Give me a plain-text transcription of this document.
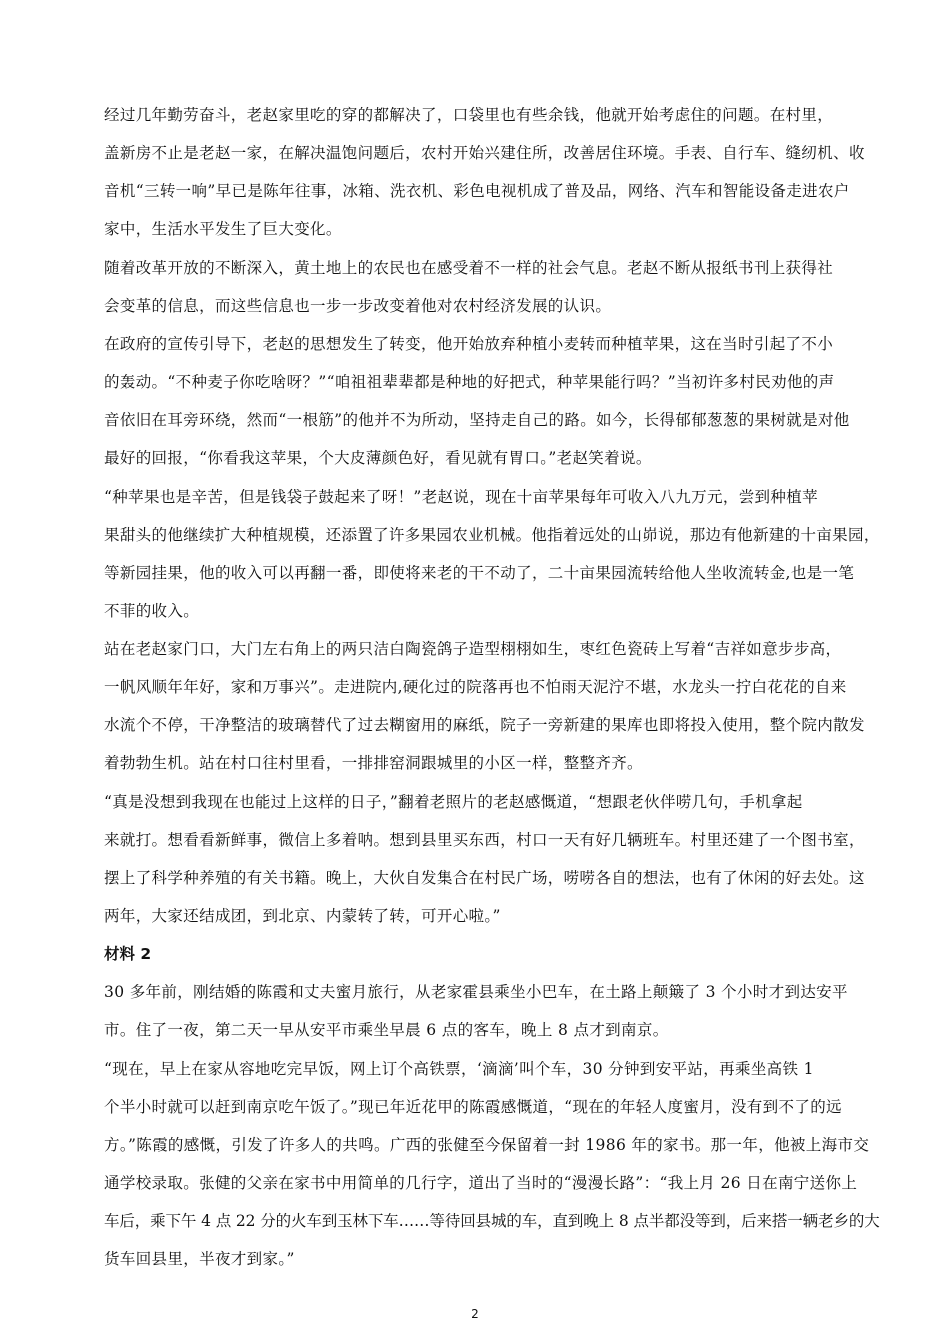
经过几年勤劳奋斗，老赵家里吃的穿的都解决了，口袋里也有些余钱，他就开始考虑住的问题。在村里，
盖新房不止是老赵一家，在解决温饱问题后，农村开始兴建住所，改善居住环境。手表、自行车、缝纫机、收
音机“三转一响”早已是陈年往事，冰箱、洗衣机、彩色电视机成了普及品，网络、汽车和智能设备走进农户
家中，生活水平发生了巨大变化。
随着改革开放的不断深入，黄土地上的农民也在感受着不一样的社会气息。老赵不断从报纸书刊上获得社
会变革的信息，而这些信息也一步一步改变着他对农村经济发展的认识。
在政府的宣传引导下，老赵的思想发生了转变，他开始放弃种植小麦转而种植苹果，这在当时引起了不小
的轰动。“不种麦子你吃啥呀？”“咱祖祖辈辈都是种地的好把式，种苹果能行吗？”当初许多村民劝他的声
音依旧在耳旁环绕，然而“一根筋”的他并不为所动，坚持走自己的路。如今，长得郁郁葱葱的果树就是对他
最好的回报，“你看我这苹果，个大皮薄颜色好，看见就有胃口。”老赵笑着说。
“种苹果也是辛苦，但是钱袋子鼓起来了呀！”老赵说，现在十亩苹果每年可收入八九万元，尝到种植苹
果甜头的他继续扩大种植规模，还添置了许多果园农业机械。他指着远处的山峁说，那边有他新建的十亩果园，
等新园挂果，他的收入可以再翻一番，即使将来老的干不动了，二十亩果园流转给他人坐收流转金,也是一笔
不菲的收入。
站在老赵家门口，大门左右角上的两只洁白陶瓷鸽子造型栩栩如生，枣红色瓷砖上写着“吉祥如意步步高，
一帆风顺年年好，家和万事兴”。走进院内,硬化过的院落再也不怕雨天泥泞不堪，水龙头一拧白花花的自来
水流个不停，干净整洁的玻璃替代了过去糊窗用的麻纸，院子一旁新建的果库也即将投入使用，整个院内散发
着勃勃生机。站在村口往村里看，一排排窑洞跟城里的小区一样，整整齐齐。
“真是没想到我现在也能过上这样的日子，”翻着老照片的老赵感慨道，“想跟老伙伴唠几句，手机拿起
来就打。想看看新鲜事，微信上多着呐。想到县里买东西，村口一天有好几辆班车。村里还建了一个图书室，
摆上了科学种养殖的有关书籍。晚上，大伙自发集合在村民广场，唠唠各自的想法，也有了休闲的好去处。这
两年，大家还结成团，到北京、内蒙转了转，可开心啦。”
材料 2
30 多年前，刚结婚的陈霞和丈夫蜜月旅行，从老家霍县乘坐小巴车，在土路上颠簸了 3 个小时才到达安平
市。住了一夜，第二天一早从安平市乘坐早晨 6 点的客车，晚上 8 点才到南京。
“现在，早上在家从容地吃完早饭，网上订个高铁票，‘滴滴’叫个车，30 分钟到安平站，再乘坐高铁 1
个半小时就可以赶到南京吃午饭了。”现已年近花甲的陈霞感慨道，“现在的年轻人度蜜月，没有到不了的远
方。”陈霞的感慨，引发了许多人的共鸣。广西的张健至今保留着一封 1986 年的家书。那一年，他被上海市交
通学校录取。张健的父亲在家书中用简单的几行字，道出了当时的“漫漫长路”：“我上月 26 日在南宁送你上
车后，乘下午 4 点 22 分的火车到玉林下车……等待回县城的车，直到晚上 8 点半都没等到，后来搭一辆老乡的大
货车回县里，半夜才到家。”
2
